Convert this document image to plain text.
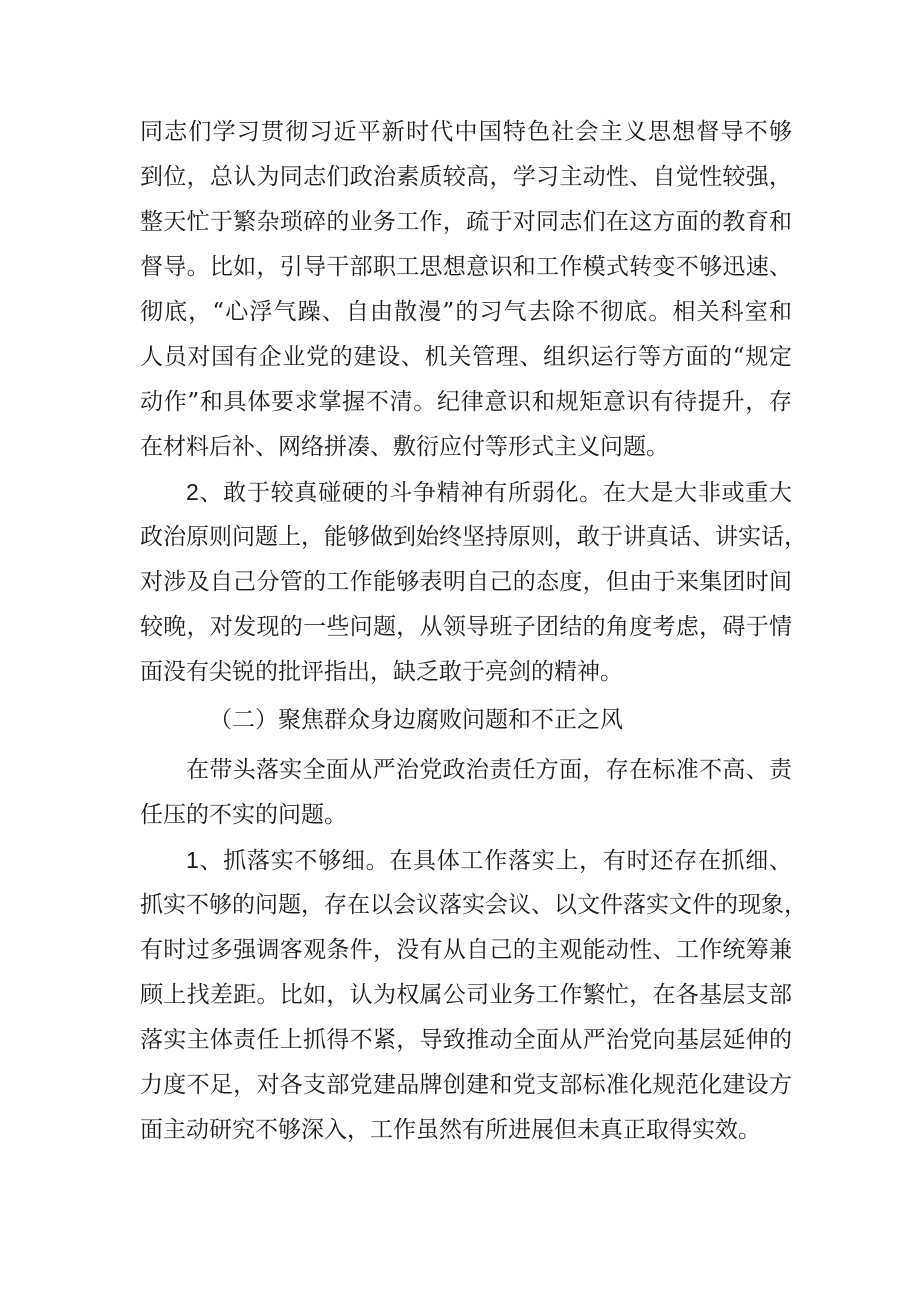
同志们学习贯彻习近平新时代中国特色社会主义思想督导不够
到位，总认为同志们政治素质较高，学习主动性、自觉性较强，
整天忙于繁杂琐碎的业务工作，疏于对同志们在这方面的教育和
督导。比如，引导干部职工思想意识和工作模式转变不够迅速、
彻底，“心浮气躁、自由散漫”的习气去除不彻底。相关科室和
人员对国有企业党的建设、机关管理、组织运行等方面的“规定
动作”和具体要求掌握不清。纪律意识和规矩意识有待提升，存
在材料后补、网络拼凑、敷衍应付等形式主义问题。
2、敢于较真碰硬的斗争精神有所弱化。在大是大非或重大
政治原则问题上，能够做到始终坚持原则，敢于讲真话、讲实话，
对涉及自己分管的工作能够表明自己的态度，但由于来集团时间
较晚，对发现的一些问题，从领导班子团结的角度考虑，碍于情
面没有尖锐的批评指出，缺乏敢于亮剑的精神。
（二）聚焦群众身边腐败问题和不正之风
在带头落实全面从严治党政治责任方面，存在标准不高、责
任压的不实的问题。
1、抓落实不够细。在具体工作落实上，有时还存在抓细、
抓实不够的问题，存在以会议落实会议、以文件落实文件的现象，
有时过多强调客观条件，没有从自己的主观能动性、工作统筹兼
顾上找差距。比如，认为权属公司业务工作繁忙，在各基层支部
落实主体责任上抓得不紧，导致推动全面从严治党向基层延伸的
力度不足，对各支部党建品牌创建和党支部标准化规范化建设方
面主动研究不够深入，工作虽然有所进展但未真正取得实效。
